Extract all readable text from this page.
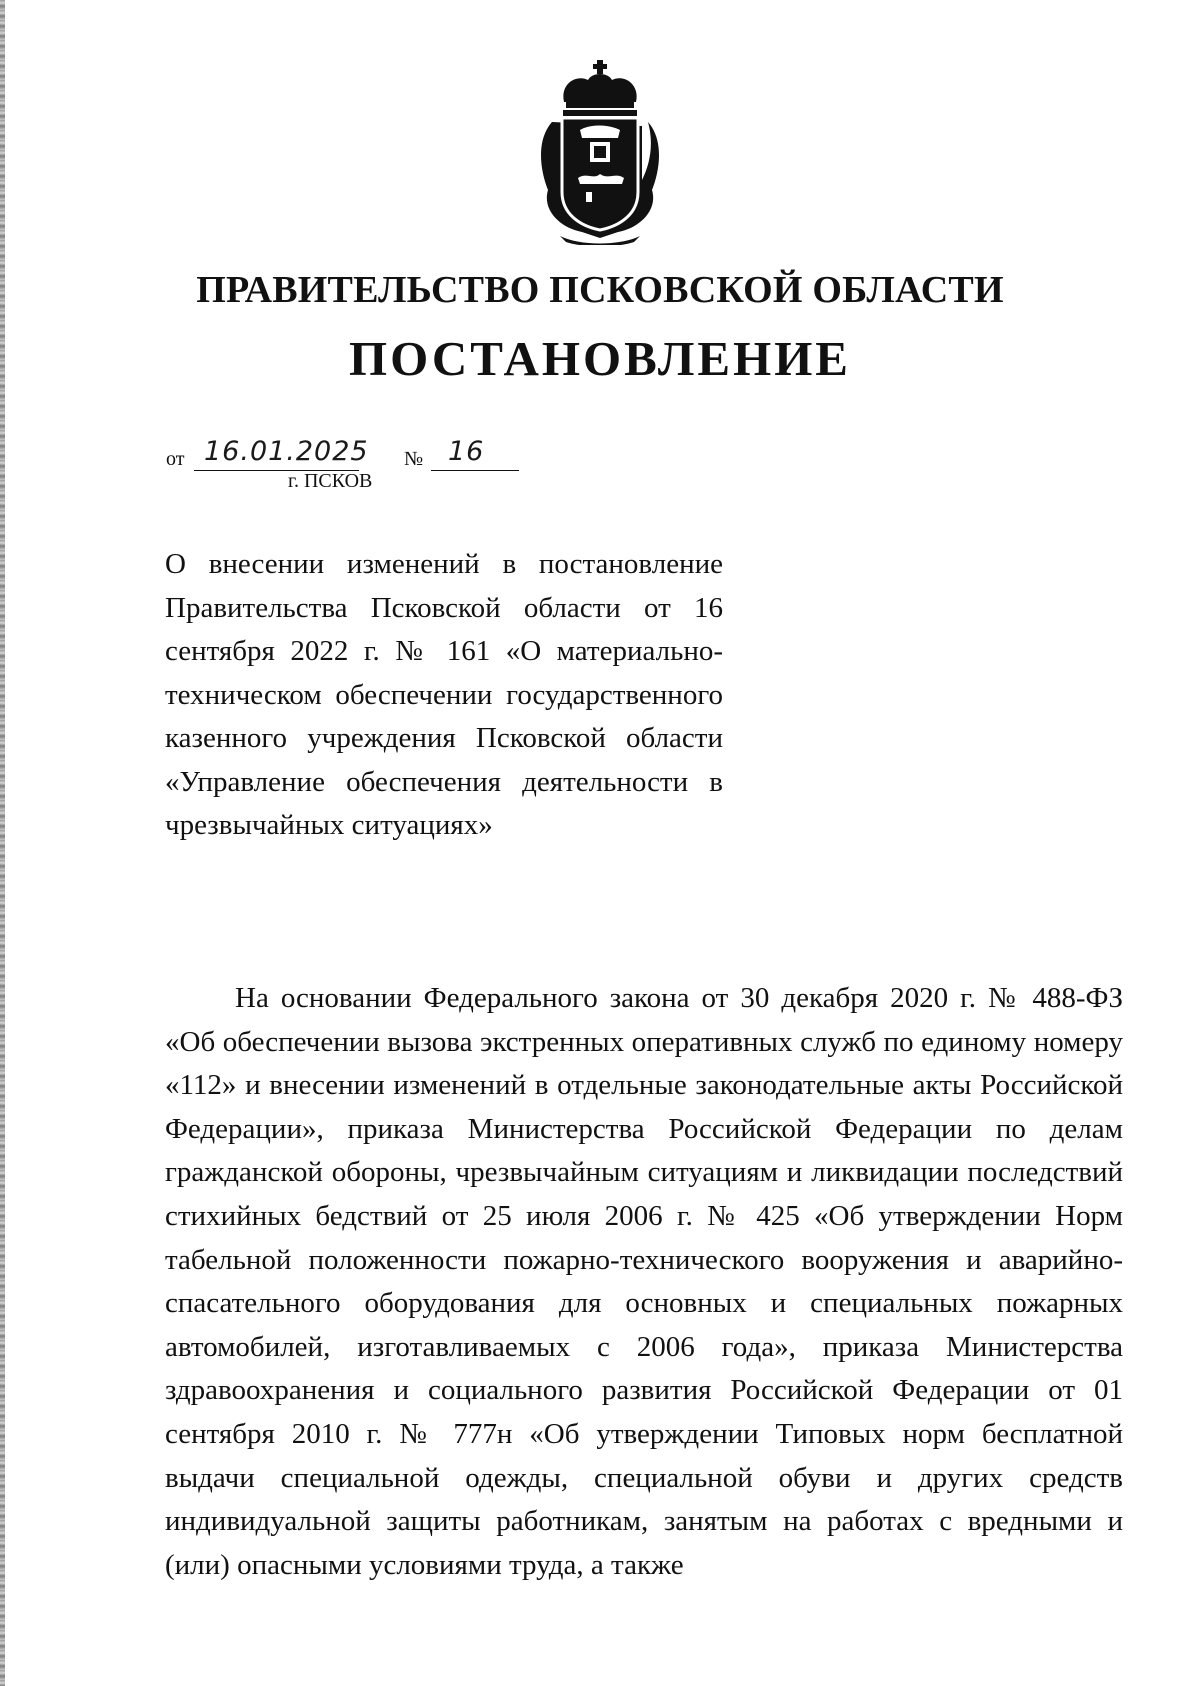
ПРАВИТЕЛЬСТВО ПСКОВСКОЙ ОБЛАСТИ
ПОСТАНОВЛЕНИЕ
от 16.01.2025 № 16
г. ПСКОВ

О внесении изменений в постановление Правительства Псковской области от 16 сентября 2022 г. № 161 «О материально-техническом обеспечении государственного казенного учреждения Псковской области «Управление обеспечения деятельности в чрезвычайных ситуациях»

На основании Федерального закона от 30 декабря 2020 г. № 488-ФЗ «Об обеспечении вызова экстренных оперативных служб по единому номеру «112» и внесении изменений в отдельные законодательные акты Российской Федерации», приказа Министерства Российской Федерации по делам гражданской обороны, чрезвычайным ситуациям и ликвидации последствий стихийных бедствий от 25 июля 2006 г. № 425 «Об утверждении Норм табельной положенности пожарно-технического вооружения и аварийно-спасательного оборудования для основных и специальных пожарных автомобилей, изготавливаемых с 2006 года», приказа Министерства здравоохранения и социального развития Российской Федерации от 01 сентября 2010 г. № 777н «Об утверждении Типовых норм бесплатной выдачи специальной одежды, специальной обуви и других средств индивидуальной защиты работникам, занятым на работах с вредными и (или) опасными условиями труда, а также
